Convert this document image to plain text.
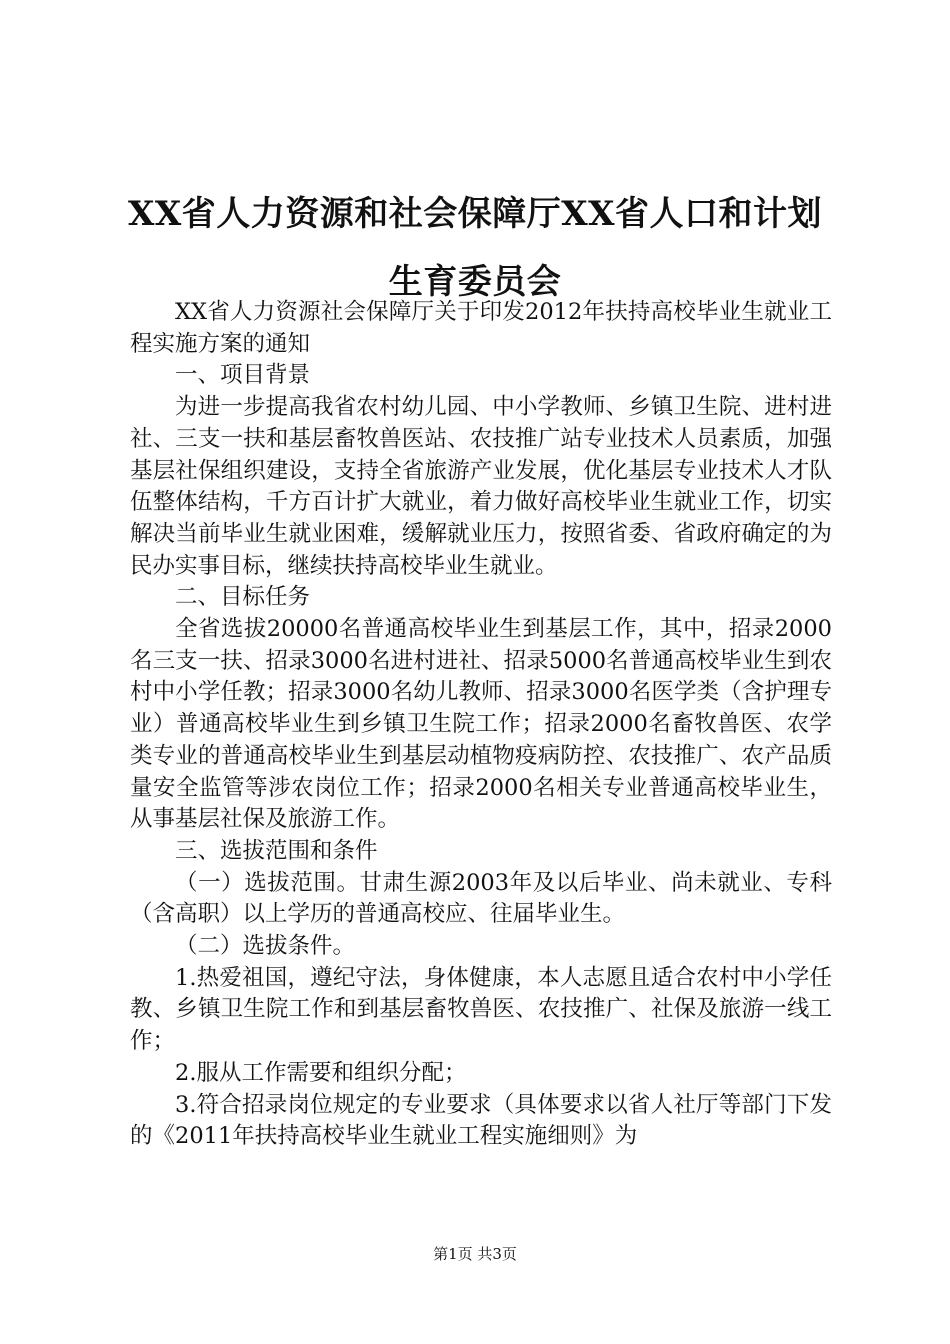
XX省人力资源和社会保障厅XX省人口和计划生育委员会

XX省人力资源社会保障厅关于印发2012年扶持高校毕业生就业工程实施方案的通知

一、项目背景

为进一步提高我省农村幼儿园、中小学教师、乡镇卫生院、进村进社、三支一扶和基层畜牧兽医站、农技推广站专业技术人员素质，加强基层社保组织建设，支持全省旅游产业发展，优化基层专业技术人才队伍整体结构，千方百计扩大就业，着力做好高校毕业生就业工作，切实解决当前毕业生就业困难，缓解就业压力，按照省委、省政府确定的为民办实事目标，继续扶持高校毕业生就业。

二、目标任务

全省选拔20000名普通高校毕业生到基层工作，其中，招录2000名三支一扶、招录3000名进村进社、招录5000名普通高校毕业生到农村中小学任教；招录3000名幼儿教师、招录3000名医学类（含护理专业）普通高校毕业生到乡镇卫生院工作；招录2000名畜牧兽医、农学类专业的普通高校毕业生到基层动植物疫病防控、农技推广、农产品质量安全监管等涉农岗位工作；招录2000名相关专业普通高校毕业生，从事基层社保及旅游工作。

三、选拔范围和条件

（一）选拔范围。甘肃生源2003年及以后毕业、尚未就业、专科（含高职）以上学历的普通高校应、往届毕业生。

（二）选拔条件。

1.热爱祖国，遵纪守法，身体健康，本人志愿且适合农村中小学任教、乡镇卫生院工作和到基层畜牧兽医、农技推广、社保及旅游一线工作；

2.服从工作需要和组织分配；

3.符合招录岗位规定的专业要求（具体要求以省人社厅等部门下发的《2011年扶持高校毕业生就业工程实施细则》为

第1页 共3页
